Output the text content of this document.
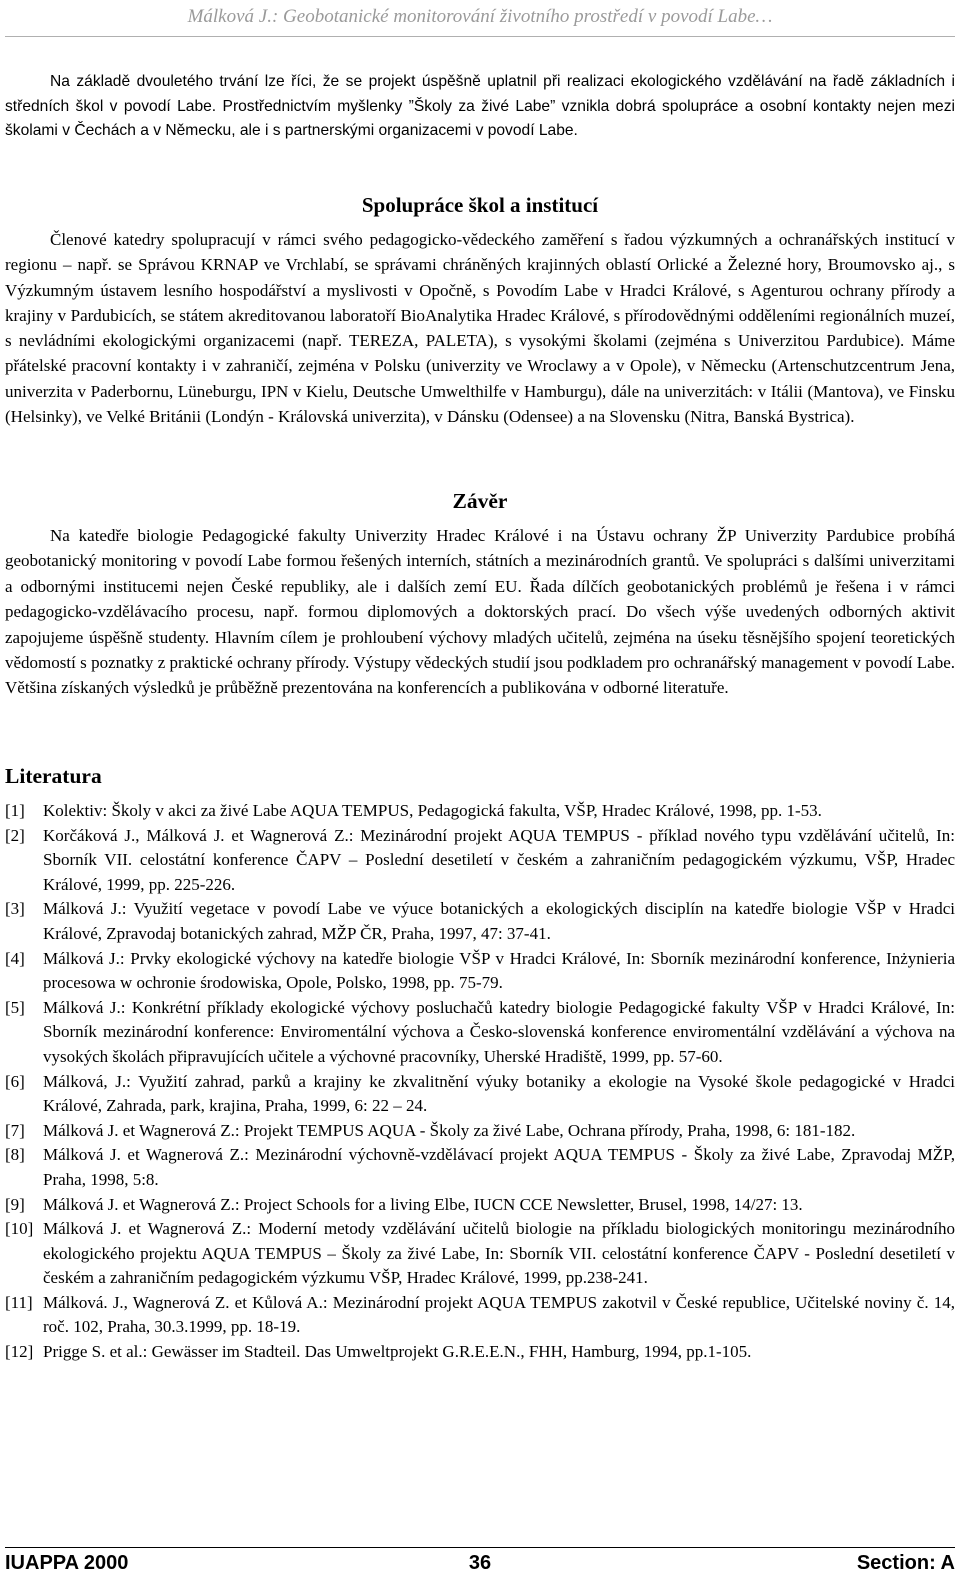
Málková J.: Geobotanické monitorování životního prostředí v povodí Labe…

Na základě dvouletého trvání lze říci, že se projekt úspěšně uplatnil při realizaci ekologického vzdělávání na řadě základních i středních škol v povodí Labe. Prostřednictvím myšlenky ”Školy za živé Labe” vznikla dobrá spolupráce a osobní kontakty nejen mezi školami v Čechách a v Německu, ale i s partnerskými organizacemi v povodí Labe.

Spolupráce škol a institucí

Členové katedry spolupracují v rámci svého pedagogicko-vědeckého zaměření s řadou výzkumných a ochranářských institucí v regionu – např. se Správou KRNAP ve Vrchlabí, se správami chráněných krajinných oblastí Orlické a Železné hory, Broumovsko aj., s Výzkumným ústavem lesního hospodářství a myslivosti v Opočně, s Povodím Labe v Hradci Králové, s Agenturou ochrany přírody a krajiny v Pardubicích, se státem akreditovanou laboratoří BioAnalytika Hradec Králové, s přírodovědnými odděleními regionálních muzeí, s nevládními ekologickými organizacemi (např. TEREZA, PALETA), s vysokými školami (zejména s Univerzitou Pardubice). Máme přátelské pracovní kontakty i v zahraničí, zejména v Polsku (univerzity ve Wroclawy a v Opole), v Německu (Artenschutzcentrum Jena, univerzita v Paderbornu, Lüneburgu, IPN v Kielu, Deutsche Umwelthilfe v Hamburgu), dále na univerzitách: v Itálii (Mantova), ve Finsku (Helsinky), ve Velké Británii (Londýn - Královská univerzita), v Dánsku (Odensee) a na Slovensku (Nitra, Banská Bystrica).

Závěr

Na katedře biologie Pedagogické fakulty Univerzity Hradec Králové i na Ústavu ochrany ŽP Univerzity Pardubice probíhá geobotanický monitoring v povodí Labe formou řešených interních, státních a mezinárodních grantů. Ve spolupráci s dalšími univerzitami a odbornými institucemi nejen České republiky, ale i dalších zemí EU. Řada dílčích geobotanických problémů je řešena i v rámci pedagogicko-vzdělávacího procesu, např. formou diplomových a doktorských prací. Do všech výše uvedených odborných aktivit zapojujeme úspěšně studenty. Hlavním cílem je prohloubení výchovy mladých učitelů, zejména na úseku těsnějšího spojení teoretických vědomostí s poznatky z praktické ochrany přírody. Výstupy vědeckých studií jsou podkladem pro ochranářský management v povodí Labe. Většina získaných výsledků je průběžně prezentována na konferencích a publikována v odborné literatuře.

Literatura
[1]	Kolektiv: Školy v akci za živé Labe AQUA TEMPUS, Pedagogická fakulta, VŠP, Hradec Králové, 1998, pp. 1-53.
[2]	Korčáková J., Málková J. et Wagnerová Z.: Mezinárodní projekt AQUA TEMPUS - příklad nového typu vzdělávání učitelů, In: Sborník VII. celostátní konference ČAPV – Poslední desetiletí v českém a zahraničním pedagogickém výzkumu, VŠP, Hradec Králové, 1999, pp. 225-226.
[3]	Málková J.: Využití vegetace v povodí Labe ve výuce botanických a ekologických disciplín na katedře biologie VŠP v Hradci Králové, Zpravodaj botanických zahrad, MŽP ČR, Praha, 1997, 47: 37-41.
[4]	Málková J.: Prvky ekologické výchovy na katedře biologie VŠP v Hradci Králové, In: Sborník mezinárodní konference, Inżynieria procesowa w ochronie środowiska, Opole, Polsko, 1998, pp. 75-79.
[5]	Málková J.: Konkrétní příklady ekologické výchovy posluchačů katedry biologie Pedagogické fakulty VŠP v Hradci Králové, In: Sborník mezinárodní konference: Enviromentální výchova a Česko-slovenská konference enviromentální vzdělávání a výchova na vysokých školách připravujících učitele a výchovné pracovníky, Uherské Hradiště, 1999, pp. 57-60.
[6]	Málková, J.: Využití zahrad, parků a krajiny ke zkvalitnění výuky botaniky a ekologie na Vysoké škole pedagogické v Hradci Králové, Zahrada, park, krajina, Praha, 1999, 6: 22 – 24.
[7]	Málková J. et Wagnerová Z.: Projekt TEMPUS AQUA - Školy za živé Labe, Ochrana přírody, Praha, 1998, 6: 181-182.
[8]	Málková J. et Wagnerová Z.: Mezinárodní výchovně-vzdělávací projekt AQUA TEMPUS - Školy za živé Labe, Zpravodaj MŽP, Praha, 1998, 5:8.
[9]	Málková J. et Wagnerová Z.: Project Schools for a living Elbe, IUCN CCE Newsletter, Brusel, 1998, 14/27: 13.
[10] Málková J. et Wagnerová Z.: Moderní metody vzdělávání učitelů biologie na příkladu biologických monitoringu mezinárodního ekologického projektu AQUA TEMPUS – Školy za živé Labe, In: Sborník VII. celostátní konference ČAPV - Poslední desetiletí v českém a zahraničním pedagogickém výzkumu VŠP, Hradec Králové, 1999, pp.238-241.
[11] Málková. J., Wagnerová Z. et Kůlová A.: Mezinárodní projekt AQUA TEMPUS zakotvil v České republice, Učitelské noviny č. 14, roč. 102, Praha, 30.3.1999, pp. 18-19.
[12] Prigge S. et al.: Gewässer im Stadteil. Das Umweltprojekt G.R.E.E.N., FHH, Hamburg, 1994, pp.1-105.
IUAPPA 2000	36	Section: A
